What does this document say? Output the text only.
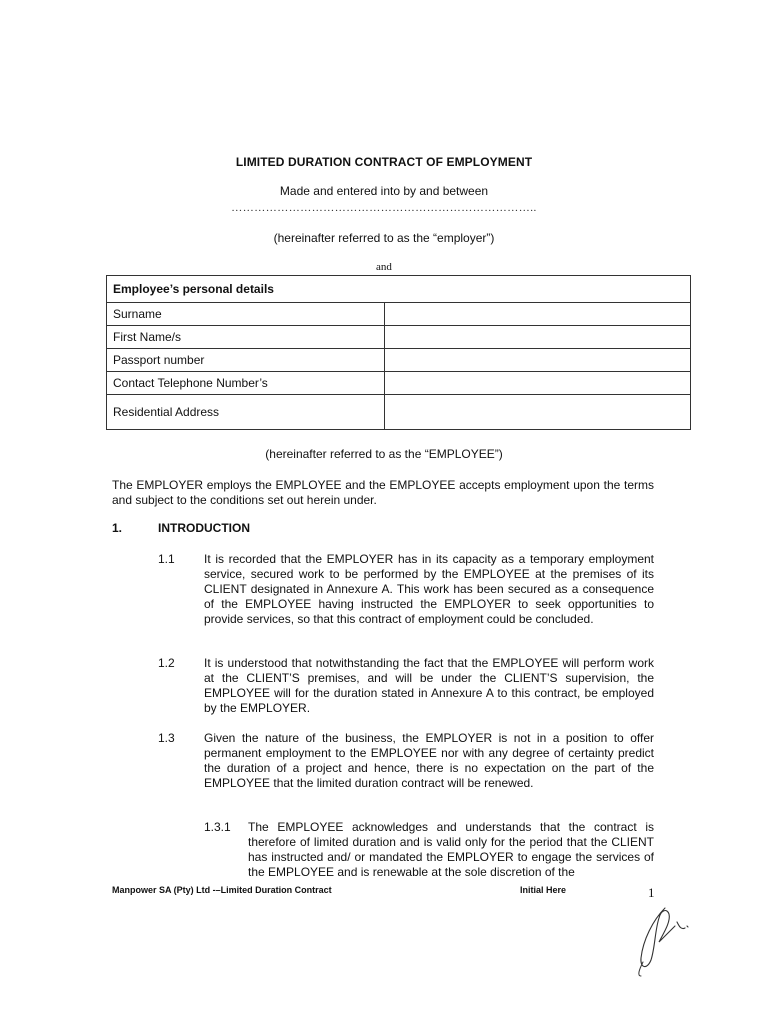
LIMITED DURATION CONTRACT OF EMPLOYMENT
Made and entered into by and between
……………………………………………………………………..
(hereinafter referred to as the “employer”)
and
Employee’s personal details	
Surname	
First Name/s	
Passport number	
Contact Telephone Number’s	
Residential Address	
(hereinafter referred to as the “EMPLOYEE”)
The EMPLOYER employs the EMPLOYEE and the EMPLOYEE accepts employment upon the terms and subject to the conditions set out herein under.
1.	INTRODUCTION
1.1 It is recorded that the EMPLOYER has in its capacity as a temporary employment service, secured work to be performed by the EMPLOYEE at the premises of its CLIENT designated in Annexure A. This work has been secured as a consequence of the EMPLOYEE having instructed the EMPLOYER to seek opportunities to provide services, so that this contract of employment could be concluded.
1.2 It is understood that notwithstanding the fact that the EMPLOYEE will perform work at the CLIENT’S premises, and will be under the CLIENT’S supervision, the EMPLOYEE will for the duration stated in Annexure A to this contract, be employed by the EMPLOYER.
1.3 Given the nature of the business, the EMPLOYER is not in a position to offer permanent employment to the EMPLOYEE nor with any degree of certainty predict the duration of a project and hence, there is no expectation on the part of the EMPLOYEE that the limited duration contract will be renewed.
1.3.1 The EMPLOYEE acknowledges and understands that the contract is therefore of limited duration and is valid only for the period that the CLIENT has instructed and/ or mandated the EMPLOYER to engage the services of the EMPLOYEE and is renewable at the sole discretion of the
Manpower SA (Pty) Ltd -–Limited Duration Contract	Initial Here	1
